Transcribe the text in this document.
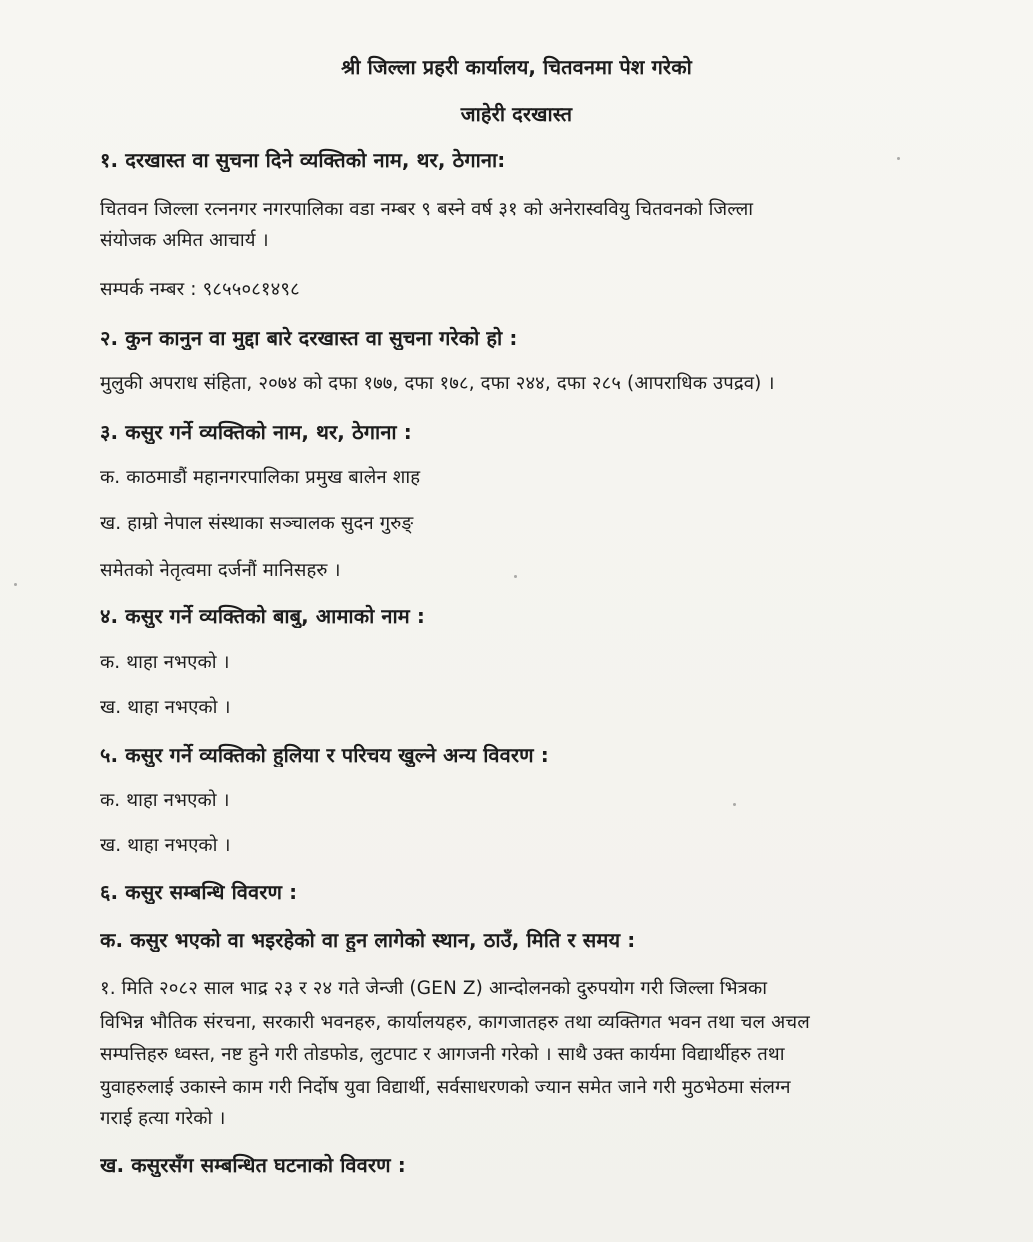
श्री जिल्ला प्रहरी कार्यालय, चितवनमा पेश गरेको
जाहेरी दरखास्त
१. दरखास्त वा सुचना दिने व्यक्तिको नाम, थर, ठेगाना:
चितवन जिल्ला रत्ननगर नगरपालिका वडा नम्बर ९ बस्ने वर्ष ३१ को अनेरास्ववियु चितवनको जिल्ला
संयोजक अमित आचार्य ।
सम्पर्क नम्बर : ९८५५०८१४९८
२. कुन कानुन वा मुद्दा बारे दरखास्त वा सुचना गरेको हो :
मुलुकी अपराध संहिता, २०७४ को दफा १७७, दफा १७८, दफा २४४, दफा २८५ (आपराधिक उपद्रव) ।
३. कसुर गर्ने व्यक्तिको नाम, थर, ठेगाना :
क. काठमाडौं महानगरपालिका प्रमुख बालेन शाह
ख. हाम्रो नेपाल संस्थाका सञ्चालक सुदन गुरुङ्
समेतको नेतृत्वमा दर्जनौं मानिसहरु ।
४. कसुर गर्ने व्यक्तिको बाबु, आमाको नाम :
क. थाहा नभएको ।
ख. थाहा नभएको ।
५. कसुर गर्ने व्यक्तिको हुलिया र परिचय खुल्ने अन्य विवरण :
क. थाहा नभएको ।
ख. थाहा नभएको ।
६. कसुर सम्बन्धि विवरण :
क. कसुर भएको वा भइरहेको वा हुन लागेको स्थान, ठाउँ, मिति र समय :
१. मिति २०८२ साल भाद्र २३ र २४ गते जेन्जी (GEN Z) आन्दोलनको दुरुपयोग गरी जिल्ला भित्रका
विभिन्न भौतिक संरचना, सरकारी भवनहरु, कार्यालयहरु, कागजातहरु तथा व्यक्तिगत भवन तथा चल अचल
सम्पत्तिहरु ध्वस्त, नष्ट हुने गरी तोडफोड, लुटपाट र आगजनी गरेको । साथै उक्त कार्यमा विद्यार्थीहरु तथा
युवाहरुलाई उकास्ने काम गरी निर्दोष युवा विद्यार्थी, सर्वसाधरणको ज्यान समेत जाने गरी मुठभेठमा संलग्न
गराई हत्या गरेको ।
ख. कसुरसँग सम्बन्धित घटनाको विवरण :
